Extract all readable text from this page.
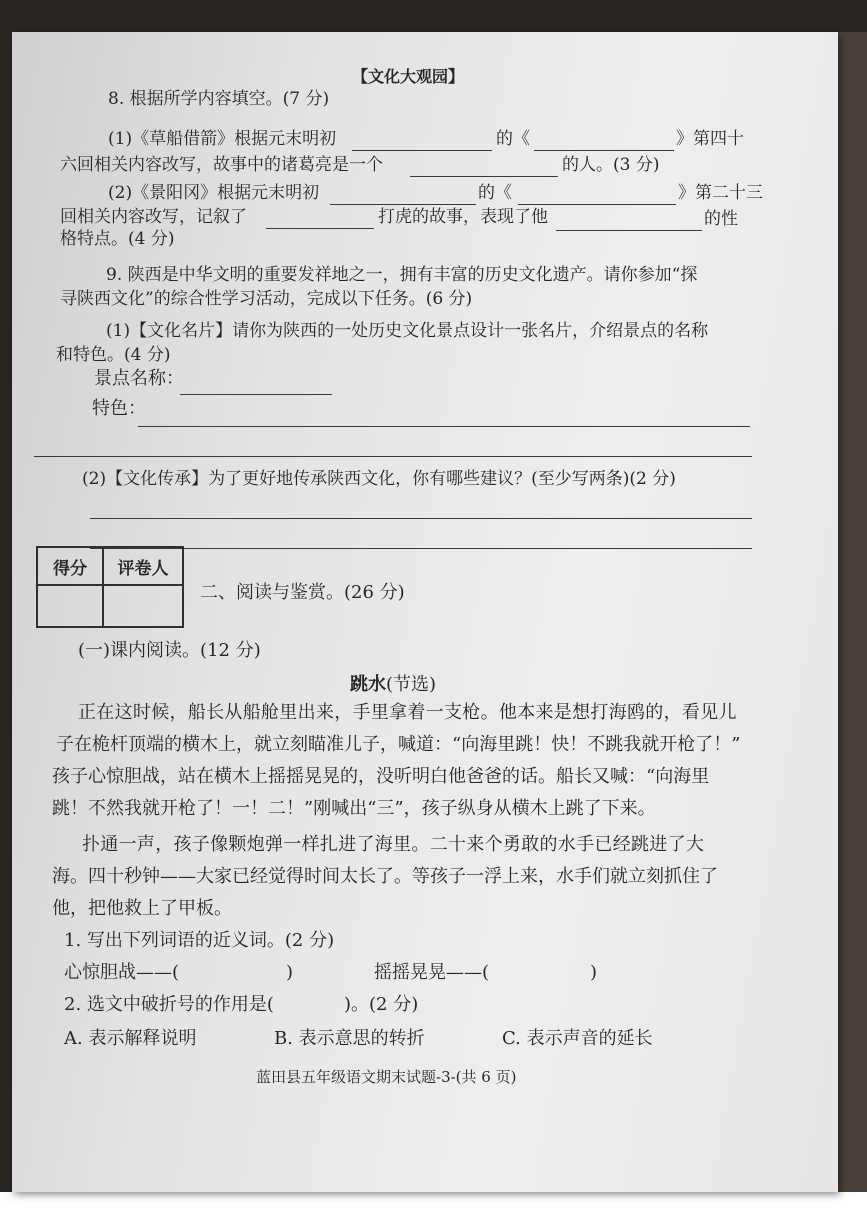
【文化大观园】
8. 根据所学内容填空。(7 分)
(1)《草船借箭》根据元末明初	的《	》第四十
六回相关内容改写，故事中的诸葛亮是一个	的人。(3 分)
(2)《景阳冈》根据元末明初	的《	》第二十三
回相关内容改写，记叙了	打虎的故事，表现了他	的性
格特点。(4 分)
9. 陕西是中华文明的重要发祥地之一，拥有丰富的历史文化遗产。请你参加“探
寻陕西文化”的综合性学习活动，完成以下任务。(6 分)
(1)【文化名片】请你为陕西的一处历史文化景点设计一张名片，介绍景点的名称
和特色。(4 分)
景点名称：
特色：
(2)【文化传承】为了更好地传承陕西文化，你有哪些建议？(至少写两条)(2 分)
得分	评卷人
二、阅读与鉴赏。(26 分)
(一)课内阅读。(12 分)
跳水(节选)
正在这时候，船长从船舱里出来，手里拿着一支枪。他本来是想打海鸥的，看见儿
子在桅杆顶端的横木上，就立刻瞄准儿子，喊道：“向海里跳！快！不跳我就开枪了！”
孩子心惊胆战，站在横木上摇摇晃晃的，没听明白他爸爸的话。船长又喊：“向海里
跳！不然我就开枪了！一！二！”刚喊出“三”，孩子纵身从横木上跳了下来。
扑通一声，孩子像颗炮弹一样扎进了海里。二十来个勇敢的水手已经跳进了大
海。四十秒钟——大家已经觉得时间太长了。等孩子一浮上来，水手们就立刻抓住了
他，把他救上了甲板。
1. 写出下列词语的近义词。(2 分)
心惊胆战——(	)	摇摇晃晃——(	)
2. 选文中破折号的作用是(	)。(2 分)
A. 表示解释说明	B. 表示意思的转折	C. 表示声音的延长
蓝田县五年级语文期末试题-3-(共 6 页)
